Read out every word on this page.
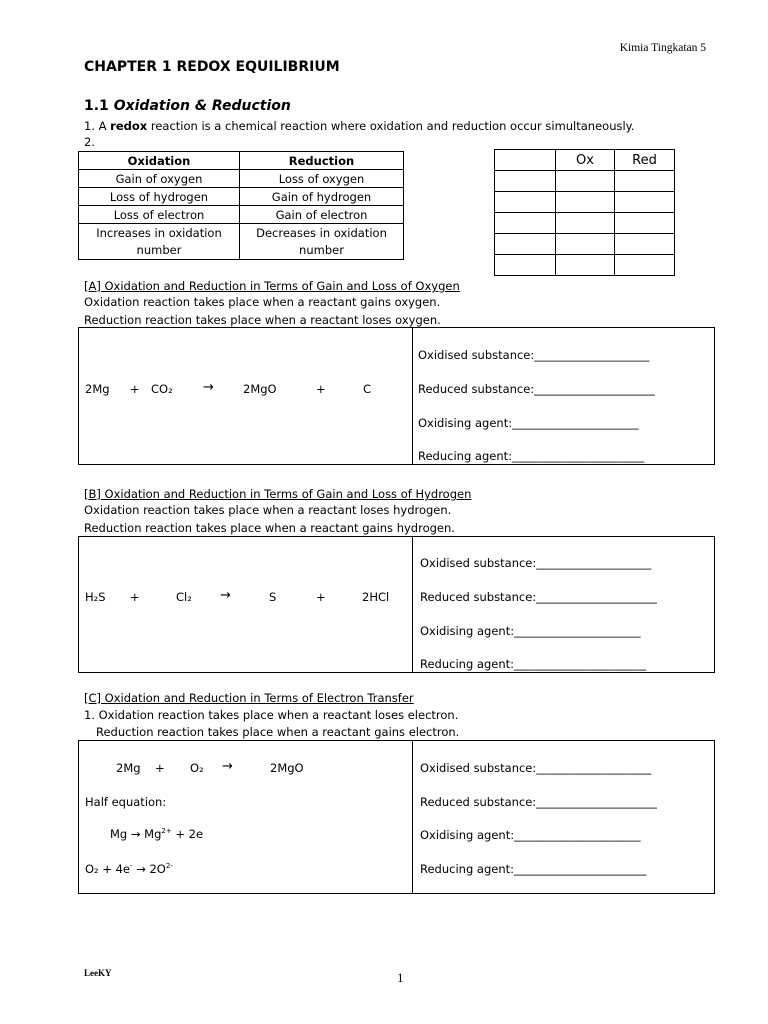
Kimia Tingkatan 5
CHAPTER 1 REDOX EQUILIBRIUM
1.1 Oxidation & Reduction
1. A redox reaction is a chemical reaction where oxidation and reduction occur simultaneously.
2.
Oxidation	Reduction
Gain of oxygen	Loss of oxygen
Loss of hydrogen	Gain of hydrogen
Loss of electron	Gain of electron

Increases in oxidation number	Decreases in oxidation number
	Ox	Red

[A] Oxidation and Reduction in Terms of Gain and Loss of Oxygen
Oxidation reaction takes place when a reactant gains oxygen.
Reduction reaction takes place when a reactant loses oxygen.
2Mg + CO₂ →	2MgO	+	C
Oxidised substance:____________________
Reduced substance:_____________________
Oxidising agent:______________________
Reducing agent:_______________________
[B] Oxidation and Reduction in Terms of Gain and Loss of Hydrogen
Oxidation reaction takes place when a reactant loses hydrogen.
Reduction reaction takes place when a reactant gains hydrogen.
H₂S +	Cl₂ →	S	+	2HCl
Oxidised substance:____________________
Reduced substance:_____________________
Oxidising agent:______________________
Reducing agent:_______________________
[C] Oxidation and Reduction in Terms of Electron Transfer
1. Oxidation reaction takes place when a reactant loses electron.
Reduction reaction takes place when a reactant gains electron.
2Mg + O₂ →	2MgO
Half equation:
$Mg \to Mg^{2+} + 2e$
$O_2 + 4e^- \to 2O^{2-}$
Oxidised substance:____________________
Reduced substance:_____________________
Oxidising agent:______________________
Reducing agent:_______________________
LeeKY	1
